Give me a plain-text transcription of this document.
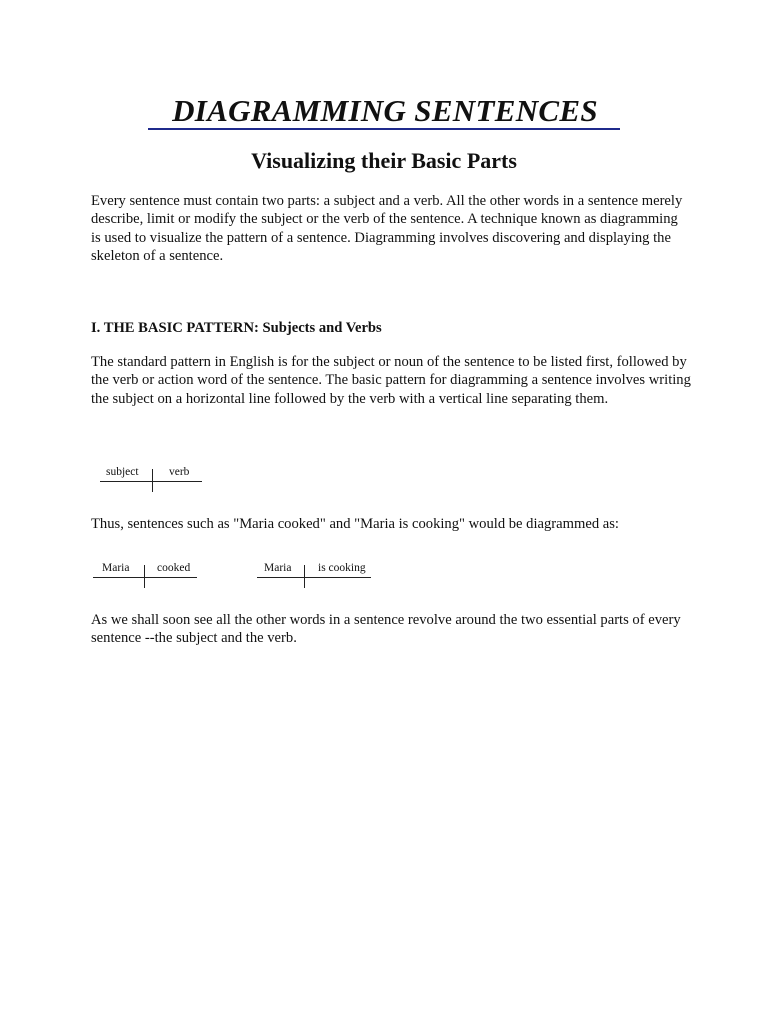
DIAGRAMMING SENTENCES
Visualizing their Basic Parts

Every sentence must contain two parts: a subject and a verb. All the other words in a sentence merely describe, limit or modify the subject or the verb of the sentence. A technique known as diagramming is used to visualize the pattern of a sentence. Diagramming involves discovering and displaying the skeleton of a sentence.

I. THE BASIC PATTERN: Subjects and Verbs

The standard pattern in English is for the subject or noun of the sentence to be listed first, followed by the verb or action word of the sentence. The basic pattern for diagramming a sentence involves writing the subject on a horizontal line followed by the verb with a vertical line separating them.

subject	verb

Thus, sentences such as "Maria cooked" and "Maria is cooking" would be diagrammed as:

Maria cooked	Maria is cooking

As we shall soon see all the other words in a sentence revolve around the two essential parts of every sentence --the subject and the verb.
